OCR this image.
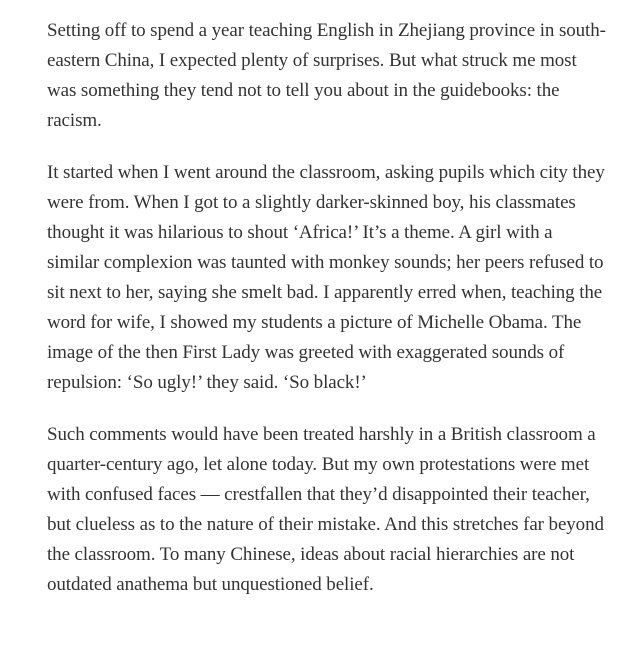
Setting off to spend a year teaching English in Zhejiang province in south-eastern China, I expected plenty of surprises. But what struck me most was something they tend not to tell you about in the guidebooks: the racism.

It started when I went around the classroom, asking pupils which city they were from. When I got to a slightly darker-skinned boy, his classmates thought it was hilarious to shout ‘Africa!’ It’s a theme. A girl with a similar complexion was taunted with monkey sounds; her peers refused to sit next to her, saying she smelt bad. I apparently erred when, teaching the word for wife, I showed my students a picture of Michelle Obama. The image of the then First Lady was greeted with exaggerated sounds of repulsion: ‘So ugly!’ they said. ‘So black!’

Such comments would have been treated harshly in a British classroom a quarter-century ago, let alone today. But my own protestations were met with confused faces — crestfallen that they’d disappointed their teacher, but clueless as to the nature of their mistake. And this stretches far beyond the classroom. To many Chinese, ideas about racial hierarchies are not outdated anathema but unquestioned belief.
